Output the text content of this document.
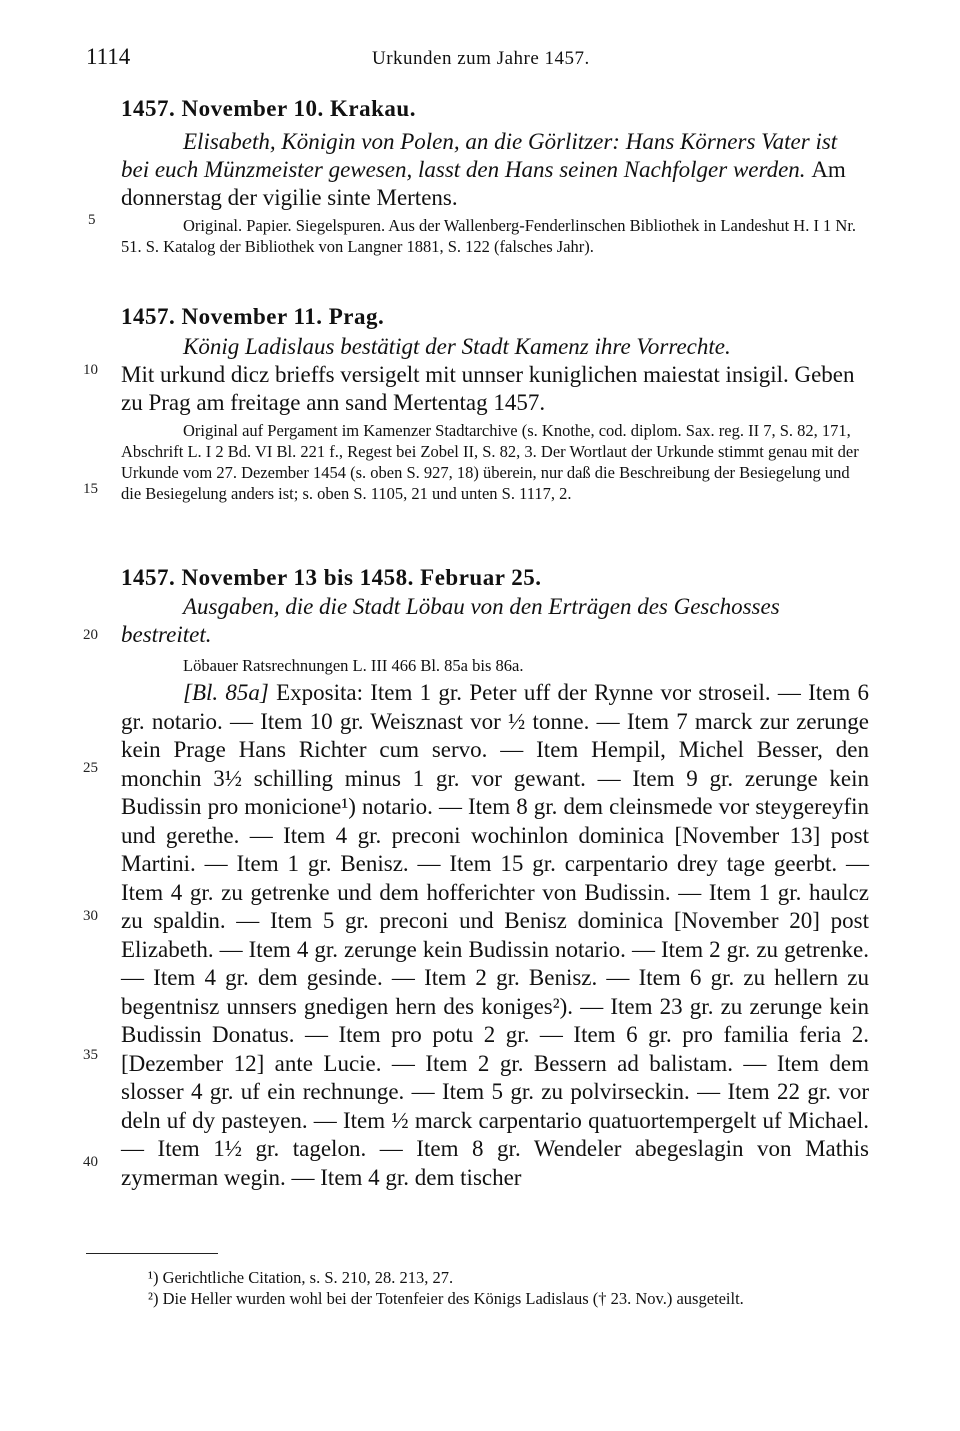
1114	Urkunden zum Jahre 1457.
5
10
15
20
25
30
35
40
1457. November 10. Krakau.

Elisabeth, Königin von Polen, an die Görlitzer: Hans Körners Vater ist bei euch Münzmeister gewesen, lasst den Hans seinen Nachfolger werden. Am donnerstag der vigilie sinte Mertens.

Original. Papier. Siegelspuren. Aus der Wallenberg-Fenderlinschen Bibliothek in Landeshut H. I 1 Nr. 51. S. Katalog der Bibliothek von Langner 1881, S. 122 (falsches Jahr).

1457. November 11. Prag.

König Ladislaus bestätigt der Stadt Kamenz ihre Vorrechte.

Mit urkund dicz brieffs versigelt mit unnser kuniglichen maiestat insigil. Geben zu Prag am freitage ann sand Mertentag 1457.

Original auf Pergament im Kamenzer Stadtarchive (s. Knothe, cod. diplom. Sax. reg. II 7, S. 82, 171, Abschrift L. I 2 Bd. VI Bl. 221 f., Regest bei Zobel II, S. 82, 3. Der Wortlaut der Urkunde stimmt genau mit der Urkunde vom 27. Dezember 1454 (s. oben S. 927, 18) überein, nur daß die Beschreibung der Besiegelung und die Besiegelung anders ist; s. oben S. 1105, 21 und unten S. 1117, 2.

1457. November 13 bis 1458. Februar 25.

Ausgaben, die die Stadt Löbau von den Erträgen des Geschosses bestreitet.

Löbauer Ratsrechnungen L. III 466 Bl. 85a bis 86a.

[Bl. 85a] Exposita: Item 1 gr. Peter uff der Rynne vor stroseil. — Item 6 gr. notario. — Item 10 gr. Weisznast vor ½ tonne. — Item 7 marck zur zerunge kein Prage Hans Richter cum servo. — Item Hempil, Michel Besser, den monchin 3½ schilling minus 1 gr. vor gewant. — Item 9 gr. zerunge kein Budissin pro monicione¹) notario. — Item 8 gr. dem cleinsmede vor steygereyfin und gerethe. — Item 4 gr. preconi wochinlon dominica [November 13] post Martini. — Item 1 gr. Benisz. — Item 15 gr. carpentario drey tage geerbt. — Item 4 gr. zu getrenke und dem hofferichter von Budissin. — Item 1 gr. haulcz zu spaldin. — Item 5 gr. preconi und Benisz dominica [November 20] post Elizabeth. — Item 4 gr. zerunge kein Budissin notario. — Item 2 gr. zu getrenke. — Item 4 gr. dem gesinde. — Item 2 gr. Benisz. — Item 6 gr. zu hellern zu begentnisz unnsers gnedigen hern des koniges²). — Item 23 gr. zu zerunge kein Budissin Donatus. — Item pro potu 2 gr. — Item 6 gr. pro familia feria 2. [Dezember 12] ante Lucie. — Item 2 gr. Bessern ad balistam. — Item dem slosser 4 gr. uf ein rechnunge. — Item 5 gr. zu polvirseckin. — Item 22 gr. vor deln uf dy pasteyen. — Item ½ marck carpentario quatuortempergelt uf Michael. — Item 1½ gr. tagelon. — Item 8 gr. Wendeler abegeslagin von Mathis zymerman wegin. — Item 4 gr. dem tischer

¹) Gerichtliche Citation, s. S. 210, 28. 213, 27.

²) Die Heller wurden wohl bei der Totenfeier des Königs Ladislaus († 23. Nov.) ausgeteilt.
